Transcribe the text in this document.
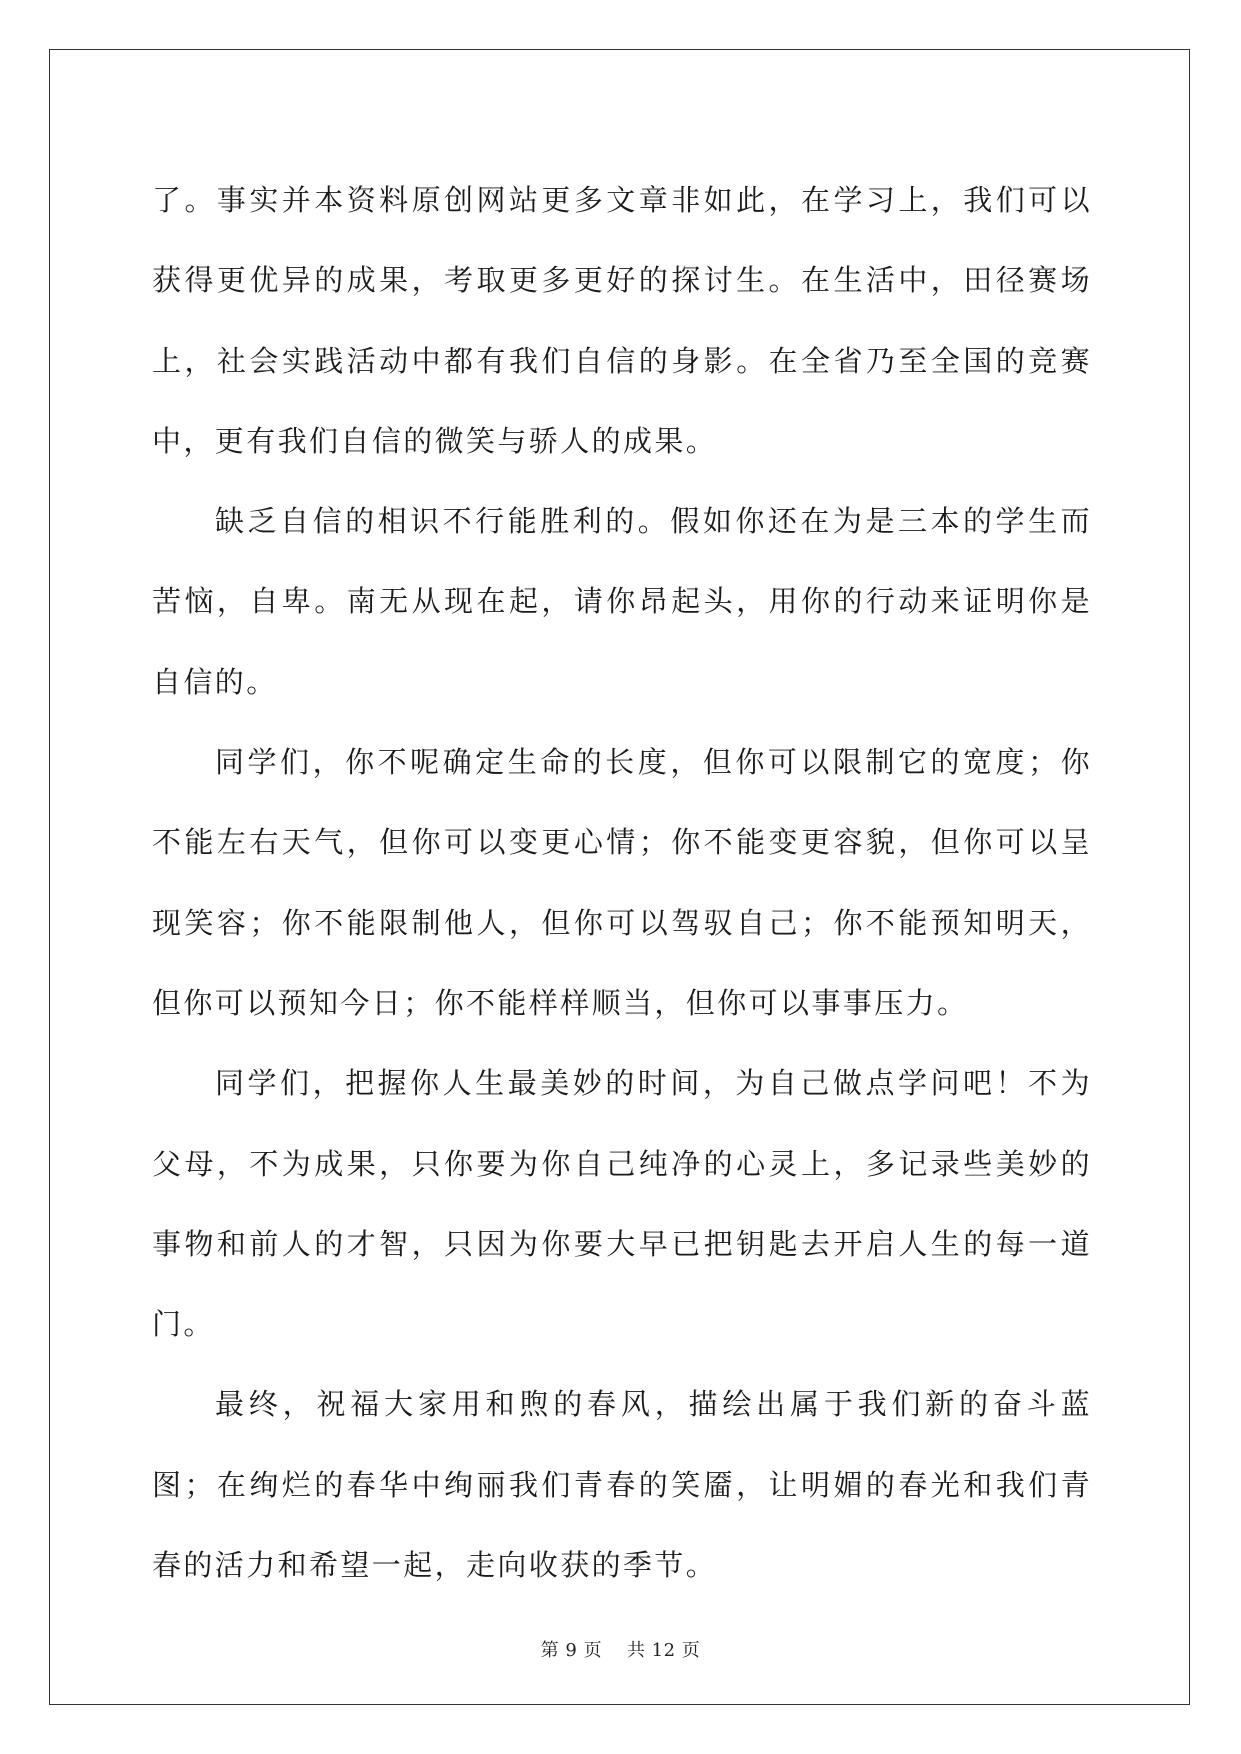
了。事实并本资料原创网站更多文章非如此，在学习上，我们可以获得更优异的成果，考取更多更好的探讨生。在生活中，田径赛场上，社会实践活动中都有我们自信的身影。在全省乃至全国的竞赛中，更有我们自信的微笑与骄人的成果。

缺乏自信的相识不行能胜利的。假如你还在为是三本的学生而苦恼，自卑。南无从现在起，请你昂起头，用你的行动来证明你是自信的。

同学们，你不呢确定生命的长度，但你可以限制它的宽度；你不能左右天气，但你可以变更心情；你不能变更容貌，但你可以呈现笑容；你不能限制他人，但你可以驾驭自己；你不能预知明天，但你可以预知今日；你不能样样顺当，但你可以事事压力。

同学们，把握你人生最美妙的时间，为自己做点学问吧！不为父母，不为成果，只你要为你自己纯净的心灵上，多记录些美妙的事物和前人的才智，只因为你要大早已把钥匙去开启人生的每一道门。

最终，祝福大家用和煦的春风，描绘出属于我们新的奋斗蓝图；在绚烂的春华中绚丽我们青春的笑靥，让明媚的春光和我们青春的活力和希望一起，走向收获的季节。

第 9 页    共 12 页
